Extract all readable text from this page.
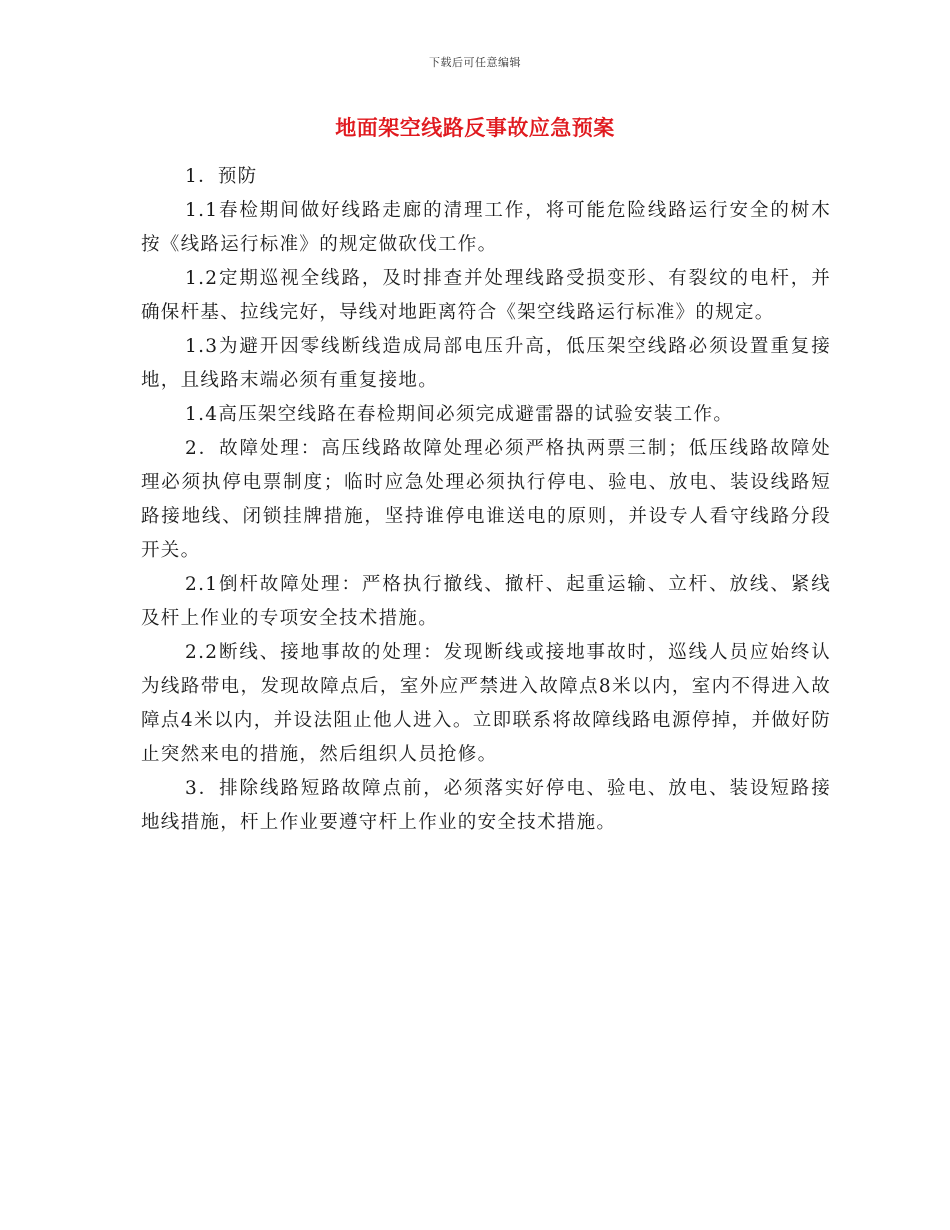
下载后可任意编辑
地面架空线路反事故应急预案

1．预防

1.1春检期间做好线路走廊的清理工作，将可能危险线路运行安全的树木按《线路运行标准》的规定做砍伐工作。

1.2定期巡视全线路，及时排查并处理线路受损变形、有裂纹的电杆，并确保杆基、拉线完好，导线对地距离符合《架空线路运行标准》的规定。

1.3为避开因零线断线造成局部电压升高，低压架空线路必须设置重复接地，且线路末端必须有重复接地。

1.4高压架空线路在春检期间必须完成避雷器的试验安装工作。

2．故障处理：高压线路故障处理必须严格执两票三制；低压线路故障处理必须执停电票制度；临时应急处理必须执行停电、验电、放电、装设线路短路接地线、闭锁挂牌措施，坚持谁停电谁送电的原则，并设专人看守线路分段开关。

2.1倒杆故障处理：严格执行撤线、撤杆、起重运输、立杆、放线、紧线及杆上作业的专项安全技术措施。

2.2断线、接地事故的处理：发现断线或接地事故时，巡线人员应始终认为线路带电，发现故障点后，室外应严禁进入故障点8米以内，室内不得进入故障点4米以内，并设法阻止他人进入。立即联系将故障线路电源停掉，并做好防止突然来电的措施，然后组织人员抢修。

3．排除线路短路故障点前，必须落实好停电、验电、放电、装设短路接地线措施，杆上作业要遵守杆上作业的安全技术措施。
